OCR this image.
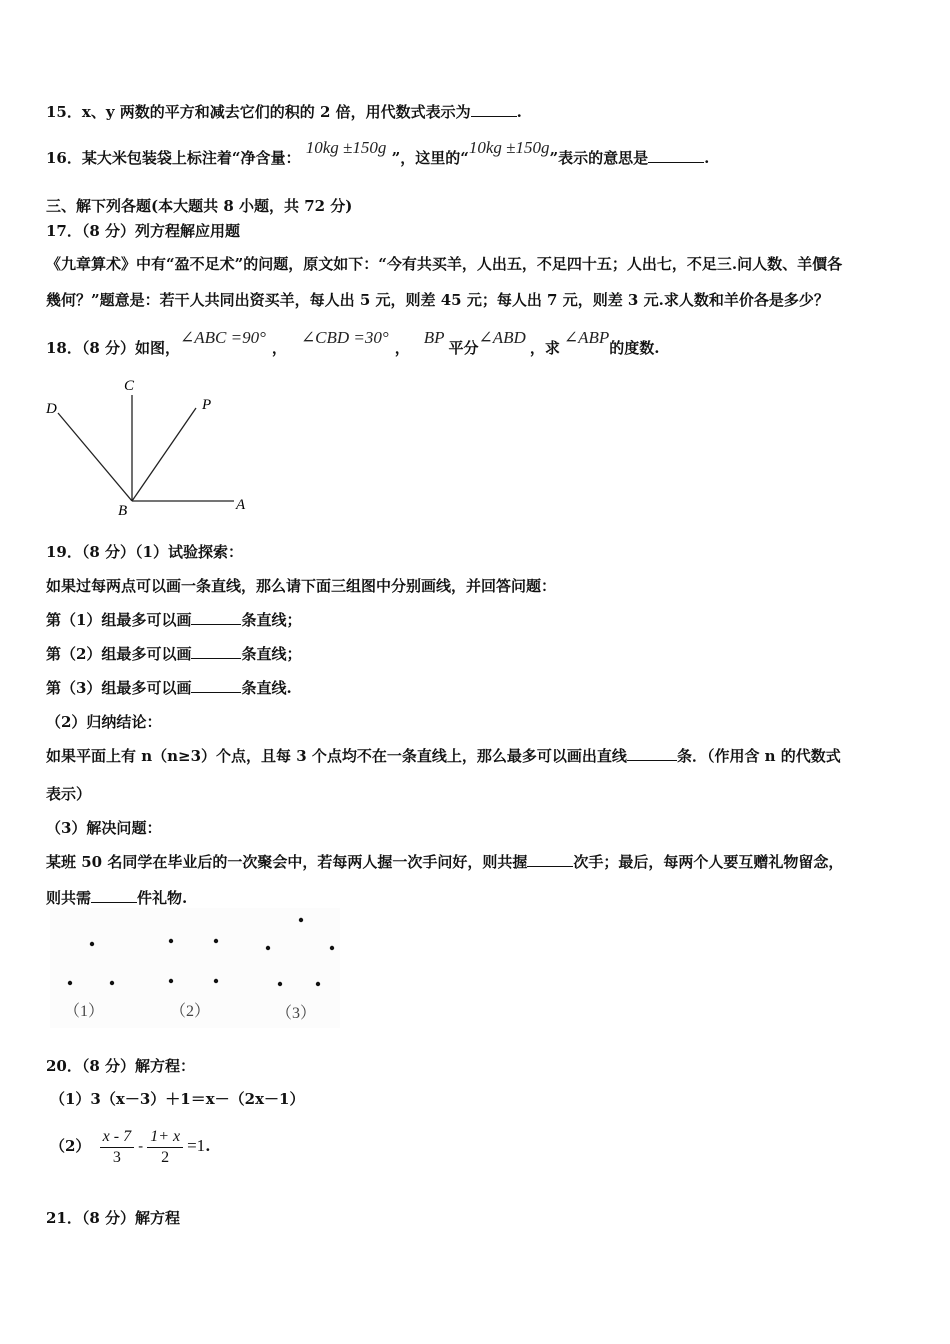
15．x、y 两数的平方和减去它们的积的 2 倍，用代数式表示为	.
16．某大米包装袋上标注着“净含量： 10kg ±150g ”，这里的“10kg ±150g”表示的意思是	.
三、解下列各题(本大题共 8 小题，共 72 分)
17．（8 分）列方程解应用题
《九章算术》中有“盈不足术”的问题，原文如下：“今有共买羊，人出五，不足四十五；人出七，不足三.问人数、羊價各
幾何？”题意是：若干人共同出资买羊，每人出 5 元，则差 45 元；每人出 7 元，则差 3 元.求人数和羊价各是多少？
18．（8 分）如图，∠ABC =90°，∠CBD =30°，BP平分∠ABD，求∠ABP的度数.
D
C
P
B	A
19．（8 分）（1）试验探索：
如果过每两点可以画一条直线，那么请下面三组图中分别画线，并回答问题：
第（1）组最多可以画	条直线；
第（2）组最多可以画	条直线；
第（3）组最多可以画	条直线.
（2）归纳结论：
如果平面上有 n（n≥3）个点，且每 3 个点均不在一条直线上，那么最多可以画出直线	条．（作用含 n 的代数式
表示）
（3）解决问题：
某班 50 名同学在毕业后的一次聚会中，若每两人握一次手问好，则共握	次手；最后，每两个人要互赠礼物留念，
则共需	件礼物.
（1）	（2）	（3）
20．（8 分）解方程：
（1）3（x－3）＋1＝x－（2x－1）
$(2) \frac{x - 7}{3} - \frac{1+ x}{2} =1$.
21．（8 分）解方程
